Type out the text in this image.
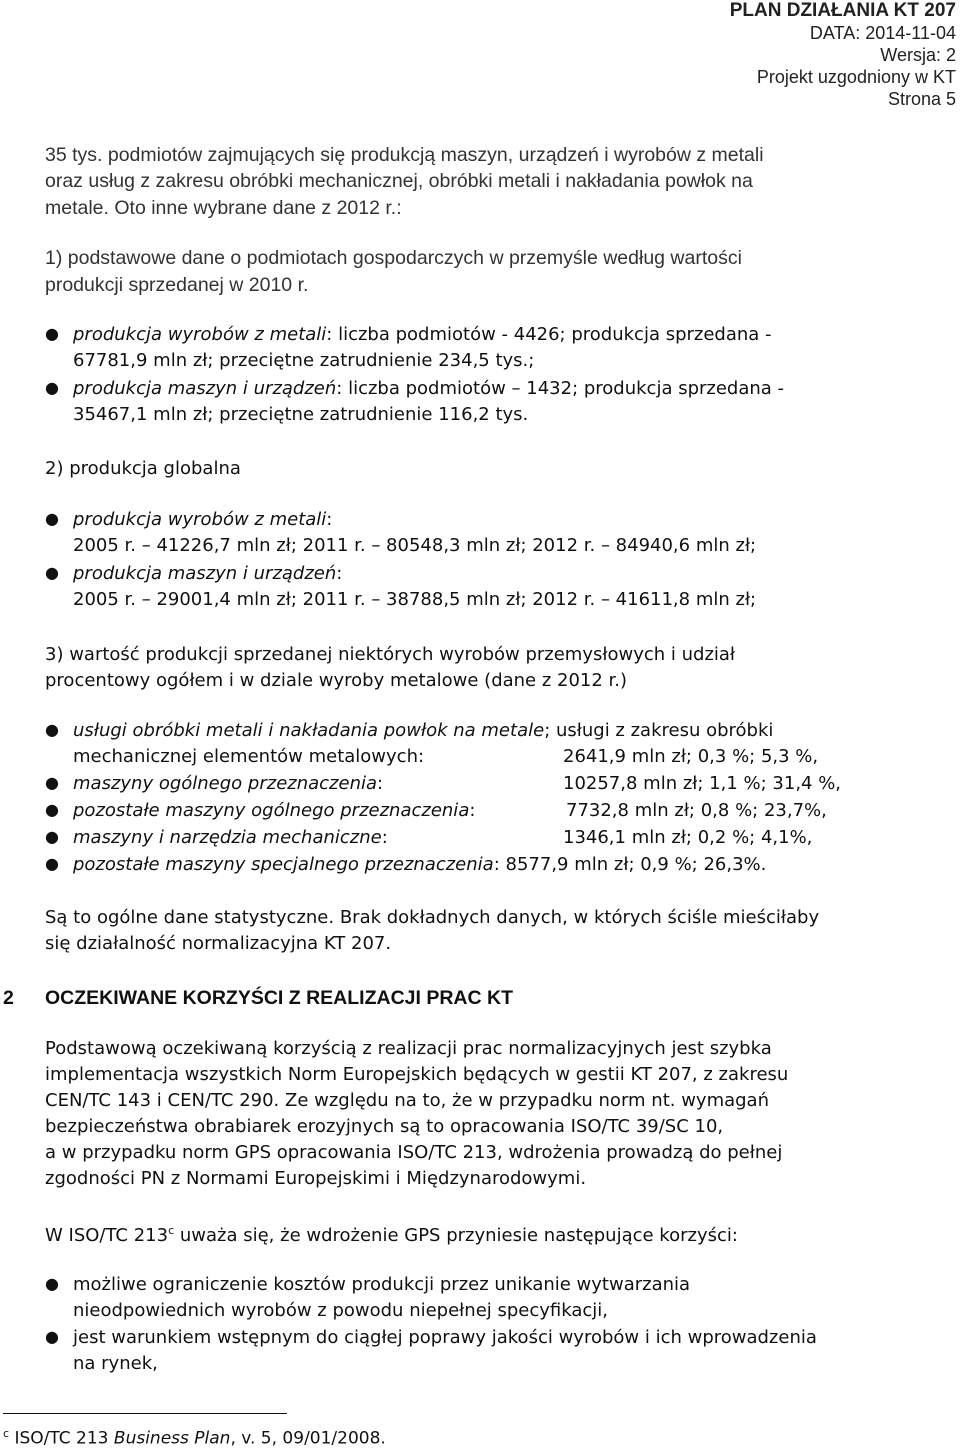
PLAN DZIAŁANIA KT 207
DATA: 2014-11-04
Wersja: 2
Projekt uzgodniony w KT
Strona 5
35 tys. podmiotów zajmujących się produkcją maszyn, urządzeń i wyrobów z metali
oraz usług z zakresu obróbki mechanicznej, obróbki metali i nakładania powłok na
metale. Oto inne wybrane dane z 2012 r.:
1) podstawowe dane o podmiotach gospodarczych w przemyśle według wartości
produkcji sprzedanej w 2010 r.
● produkcja wyrobów z metali: liczba podmiotów - 4426; produkcja sprzedana -
67781,9 mln zł; przeciętne zatrudnienie 234,5 tys.;
● produkcja maszyn i urządzeń: liczba podmiotów – 1432; produkcja sprzedana -
35467,1 mln zł; przeciętne zatrudnienie 116,2 tys.
2) produkcja globalna
● produkcja wyrobów z metali:
2005 r. – 41226,7 mln zł; 2011 r. – 80548,3 mln zł; 2012 r. – 84940,6 mln zł;
● produkcja maszyn i urządzeń:
2005 r. – 29001,4 mln zł; 2011 r. – 38788,5 mln zł; 2012 r. – 41611,8 mln zł;
3) wartość produkcji sprzedanej niektórych wyrobów przemysłowych i udział
procentowy ogółem i w dziale wyroby metalowe (dane z 2012 r.)
● usługi obróbki metali i nakładania powłok na metale; usługi z zakresu obróbki
mechanicznej elementów metalowych:	2641,9 mln zł; 0,3 %; 5,3 %,
● maszyny ogólnego przeznaczenia:	10257,8 mln zł; 1,1 %; 31,4 %,
● pozostałe maszyny ogólnego przeznaczenia:	7732,8 mln zł; 0,8 %; 23,7%,
● maszyny i narzędzia mechaniczne:	1346,1 mln zł; 0,2 %; 4,1%,
● pozostałe maszyny specjalnego przeznaczenia: 8577,9 mln zł; 0,9 %; 26,3%.
Są to ogólne dane statystyczne. Brak dokładnych danych, w których ściśle mieściłaby
się działalność normalizacyjna KT 207.
2 OCZEKIWANE KORZYŚCI Z REALIZACJI PRAC KT
Podstawową oczekiwaną korzyścią z realizacji prac normalizacyjnych jest szybka
implementacja wszystkich Norm Europejskich będących w gestii KT 207, z zakresu
CEN/TC 143 i CEN/TC 290. Ze względu na to, że w przypadku norm nt. wymagań
bezpieczeństwa obrabiarek erozyjnych są to opracowania ISO/TC 39/SC 10,
a w przypadku norm GPS opracowania ISO/TC 213, wdrożenia prowadzą do pełnej
zgodności PN z Normami Europejskimi i Międzynarodowymi.
W ISO/TC 213$^c$ uważa się, że wdrożenie GPS przyniesie następujące korzyści:
● możliwe ograniczenie kosztów produkcji przez unikanie wytwarzania
nieodpowiednich wyrobów z powodu niepełnej specyfikacji,
● jest warunkiem wstępnym do ciągłej poprawy jakości wyrobów i ich wprowadzenia
na rynek,
$^c$ ISO/TC 213 Business Plan, v. 5, 09/01/2008.
